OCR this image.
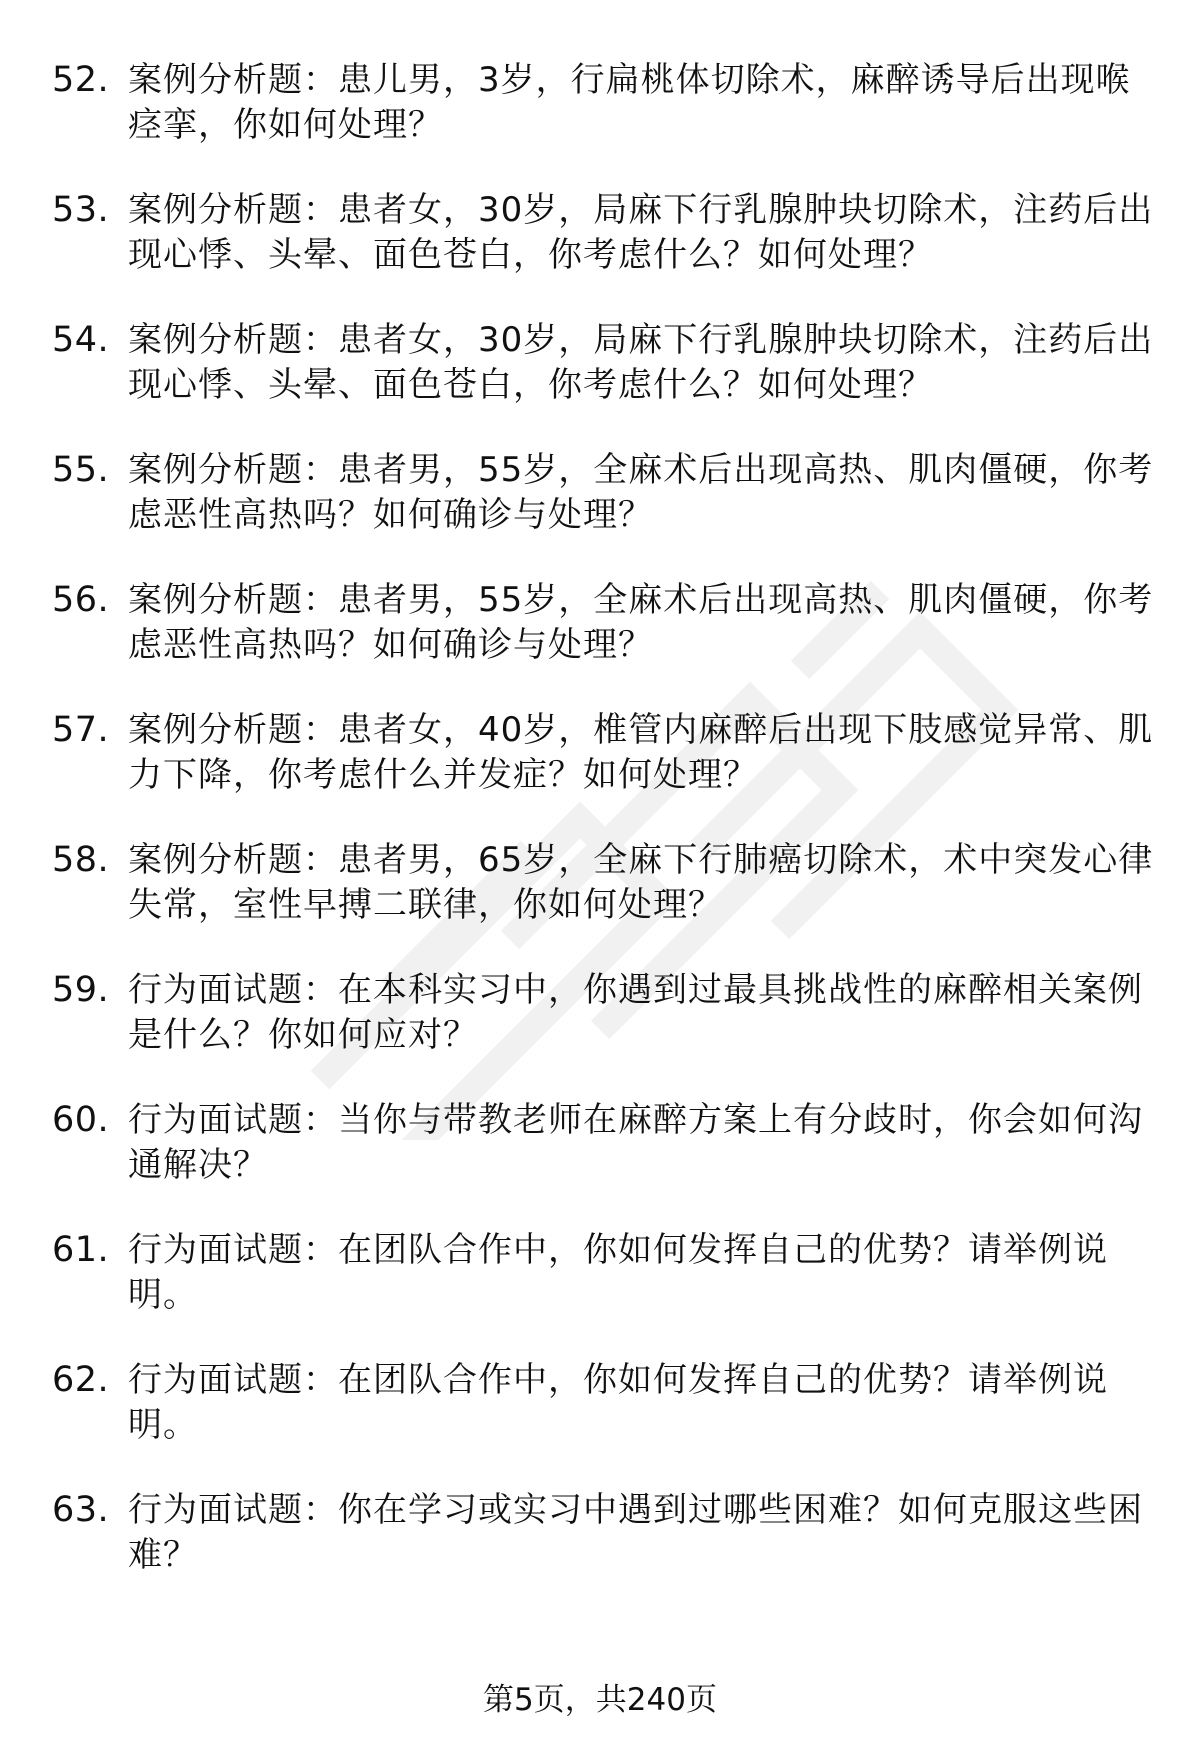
52. 案例分析题：患儿男，3岁，行扁桃体切除术，麻醉诱导后出现喉痉挛，你如何处理？
53. 案例分析题：患者女，30岁，局麻下行乳腺肿块切除术，注药后出现心悸、头晕、面色苍白，你考虑什么？如何处理？
54. 案例分析题：患者女，30岁，局麻下行乳腺肿块切除术，注药后出现心悸、头晕、面色苍白，你考虑什么？如何处理？
55. 案例分析题：患者男，55岁，全麻术后出现高热、肌肉僵硬，你考虑恶性高热吗？如何确诊与处理？
56. 案例分析题：患者男，55岁，全麻术后出现高热、肌肉僵硬，你考虑恶性高热吗？如何确诊与处理？
57. 案例分析题：患者女，40岁，椎管内麻醉后出现下肢感觉异常、肌力下降，你考虑什么并发症？如何处理？
58. 案例分析题：患者男，65岁，全麻下行肺癌切除术，术中突发心律失常，室性早搏二联律，你如何处理？
59. 行为面试题：在本科实习中，你遇到过最具挑战性的麻醉相关案例是什么？你如何应对？
60. 行为面试题：当你与带教老师在麻醉方案上有分歧时，你会如何沟通解决？
61. 行为面试题：在团队合作中，你如何发挥自己的优势？请举例说明。
62. 行为面试题：在团队合作中，你如何发挥自己的优势？请举例说明。
63. 行为面试题：你在学习或实习中遇到过哪些困难？如何克服这些困难？
第5页，共240页
